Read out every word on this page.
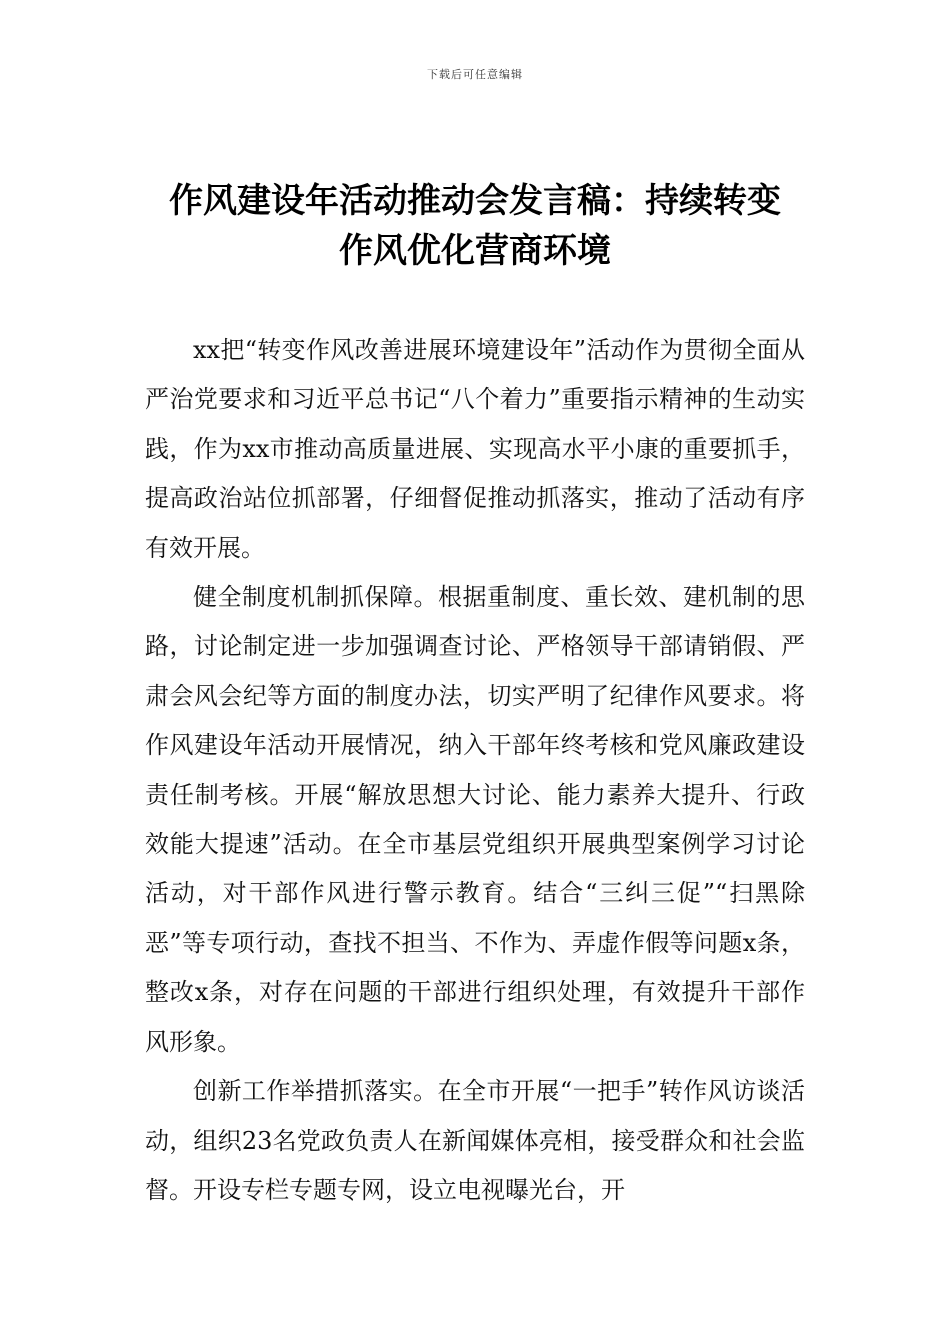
下载后可任意编辑
作风建设年活动推动会发言稿：持续转变
作风优化营商环境

xx把“转变作风改善进展环境建设年”活动作为贯彻全面从严治党要求和习近平总书记“八个着力”重要指示精神的生动实践，作为xx市推动高质量进展、实现高水平小康的重要抓手，提高政治站位抓部署，仔细督促推动抓落实，推动了活动有序有效开展。

健全制度机制抓保障。根据重制度、重长效、建机制的思路，讨论制定进一步加强调查讨论、严格领导干部请销假、严肃会风会纪等方面的制度办法，切实严明了纪律作风要求。将作风建设年活动开展情况，纳入干部年终考核和党风廉政建设责任制考核。开展“解放思想大讨论、能力素养大提升、行政效能大提速”活动。在全市基层党组织开展典型案例学习讨论活动，对干部作风进行警示教育。结合“三纠三促”“扫黑除恶”等专项行动，查找不担当、不作为、弄虚作假等问题x条，整改x条，对存在问题的干部进行组织处理，有效提升干部作风形象。

创新工作举措抓落实。在全市开展“一把手”转作风访谈活动，组织23名党政负责人在新闻媒体亮相，接受群众和社会监督。开设专栏专题专网，设立电视曝光台，开
